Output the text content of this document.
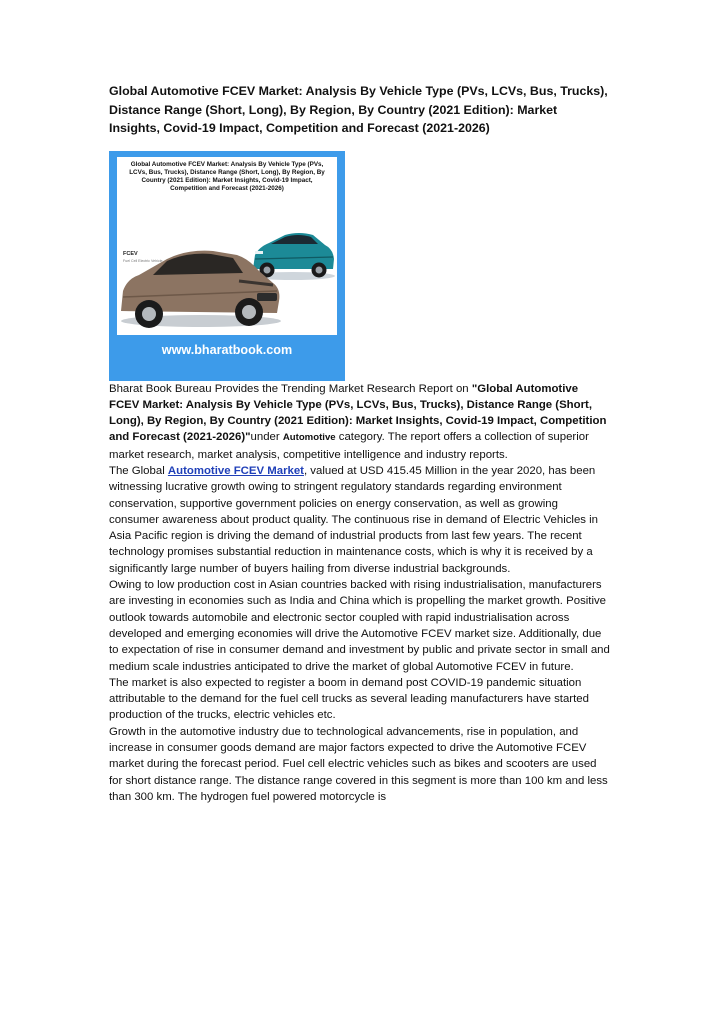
Global Automotive FCEV Market: Analysis By Vehicle Type (PVs, LCVs, Bus, Trucks), Distance Range (Short, Long), By Region, By Country (2021 Edition): Market Insights, Covid-19 Impact, Competition and Forecast (2021-2026)

Global Automotive FCEV Market: Analysis By Vehicle Type (PVs, LCVs, Bus, Trucks), Distance Range (Short, Long), By Region, By Country (2021 Edition): Market Insights, Covid-19 Impact, Competition and Forecast (2021-2026)

FCEV
Fuel Cell Electric Vehicle
www.bharatbook.com

Bharat Book Bureau Provides the Trending Market Research Report on "Global Automotive FCEV Market: Analysis By Vehicle Type (PVs, LCVs, Bus, Trucks), Distance Range (Short, Long), By Region, By Country (2021 Edition): Market Insights, Covid-19 Impact, Competition and Forecast (2021-2026)"under Automotive category. The report offers a collection of superior market research, market analysis, competitive intelligence and industry reports.

The Global Automotive FCEV Market, valued at USD 415.45 Million in the year 2020, has been witnessing lucrative growth owing to stringent regulatory standards regarding environment conservation, supportive government policies on energy conservation, as well as growing consumer awareness about product quality. The continuous rise in demand of Electric Vehicles in Asia Pacific region is driving the demand of industrial products from last few years. The recent technology promises substantial reduction in maintenance costs, which is why it is received by a significantly large number of buyers hailing from diverse industrial backgrounds.

Owing to low production cost in Asian countries backed with rising industrialisation, manufacturers are investing in economies such as India and China which is propelling the market growth. Positive outlook towards automobile and electronic sector coupled with rapid industrialisation across developed and emerging economies will drive the Automotive FCEV market size. Additionally, due to expectation of rise in consumer demand and investment by public and private sector in small and medium scale industries anticipated to drive the market of global Automotive FCEV in future.

The market is also expected to register a boom in demand post COVID-19 pandemic situation attributable to the demand for the fuel cell trucks as several leading manufacturers have started production of the trucks, electric vehicles etc.

Growth in the automotive industry due to technological advancements, rise in population, and increase in consumer goods demand are major factors expected to drive the Automotive FCEV market during the forecast period. Fuel cell electric vehicles such as bikes and scooters are used for short distance range. The distance range covered in this segment is more than 100 km and less than 300 km. The hydrogen fuel powered motorcycle is
